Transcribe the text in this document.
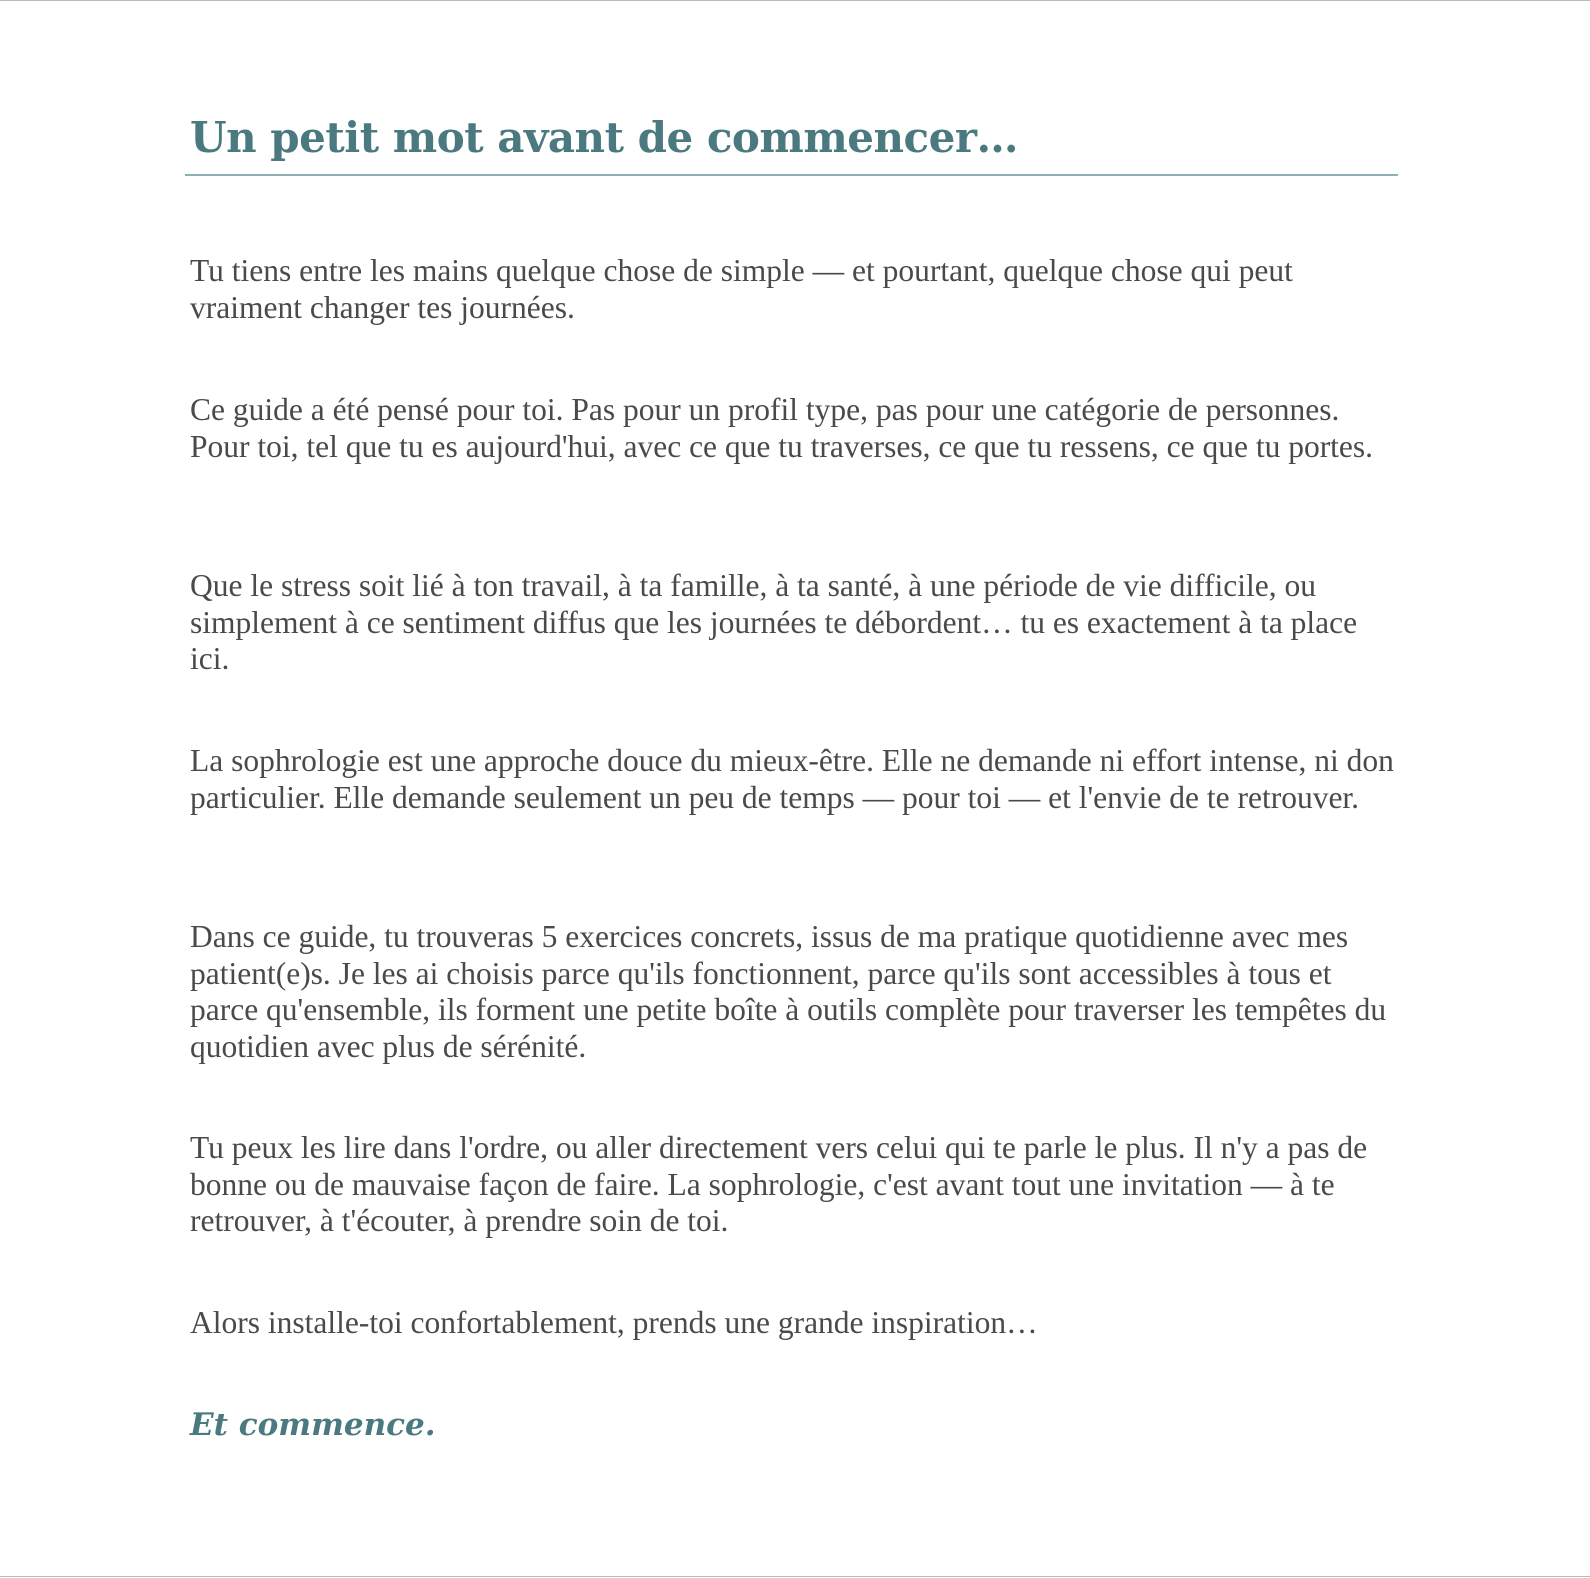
Un petit mot avant de commencer…

Tu tiens entre les mains quelque chose de simple — et pourtant, quelque chose qui peut vraiment changer tes journées.

Ce guide a été pensé pour toi. Pas pour un profil type, pas pour une catégorie de personnes. Pour toi, tel que tu es aujourd'hui, avec ce que tu traverses, ce que tu ressens, ce que tu portes.

Que le stress soit lié à ton travail, à ta famille, à ta santé, à une période de vie difficile, ou simplement à ce sentiment diffus que les journées te débordent… tu es exactement à ta place ici.

La sophrologie est une approche douce du mieux-être. Elle ne demande ni effort intense, ni don particulier. Elle demande seulement un peu de temps — pour toi — et l'envie de te retrouver.

Dans ce guide, tu trouveras 5 exercices concrets, issus de ma pratique quotidienne avec mes patient(e)s. Je les ai choisis parce qu'ils fonctionnent, parce qu'ils sont accessibles à tous et parce qu'ensemble, ils forment une petite boîte à outils complète pour traverser les tempêtes du quotidien avec plus de sérénité.

Tu peux les lire dans l'ordre, ou aller directement vers celui qui te parle le plus. Il n'y a pas de bonne ou de mauvaise façon de faire. La sophrologie, c'est avant tout une invitation — à te retrouver, à t'écouter, à prendre soin de toi.

Alors installe-toi confortablement, prends une grande inspiration…

Et commence.
